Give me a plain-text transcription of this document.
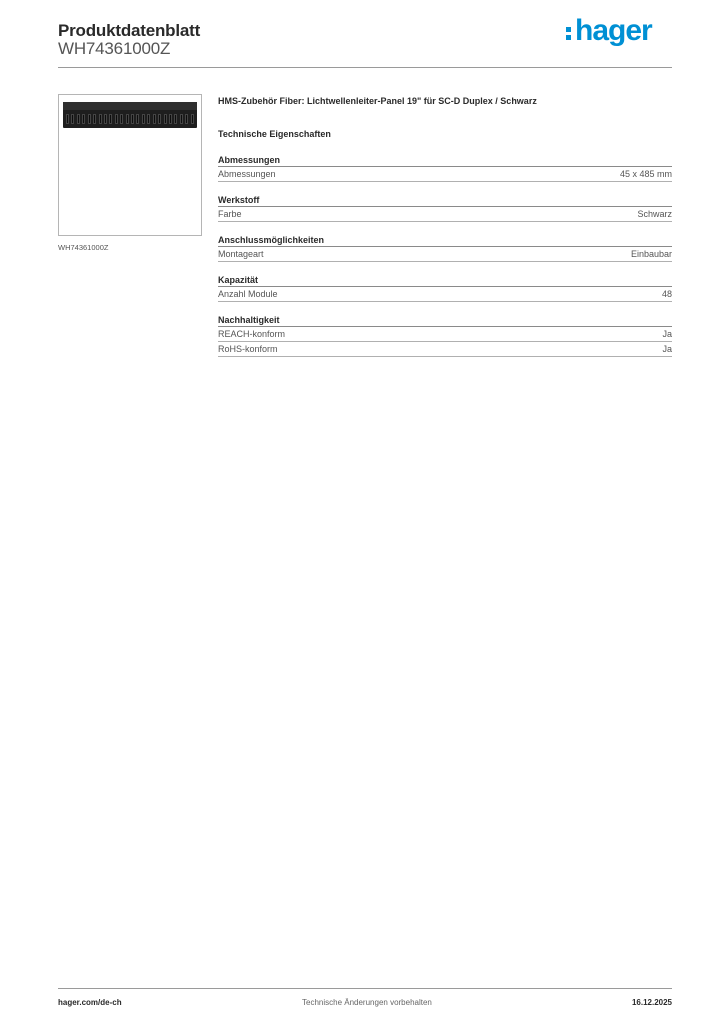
Produktdatenblatt
WH74361000Z
hager
WH74361000Z
HMS-Zubehör Fiber: Lichtwellenleiter-Panel 19" für SC-D Duplex / Schwarz
Technische Eigenschaften
Abmessungen
Abmessungen	45 x 485 mm
Werkstoff
Farbe	Schwarz
Anschlussmöglichkeiten
Montageart	Einbaubar
Kapazität
Anzahl Module	48
Nachhaltigkeit
REACH-konform	Ja
RoHS-konform	Ja
hager.com/de-ch	Technische Änderungen vorbehalten	16.12.2025
